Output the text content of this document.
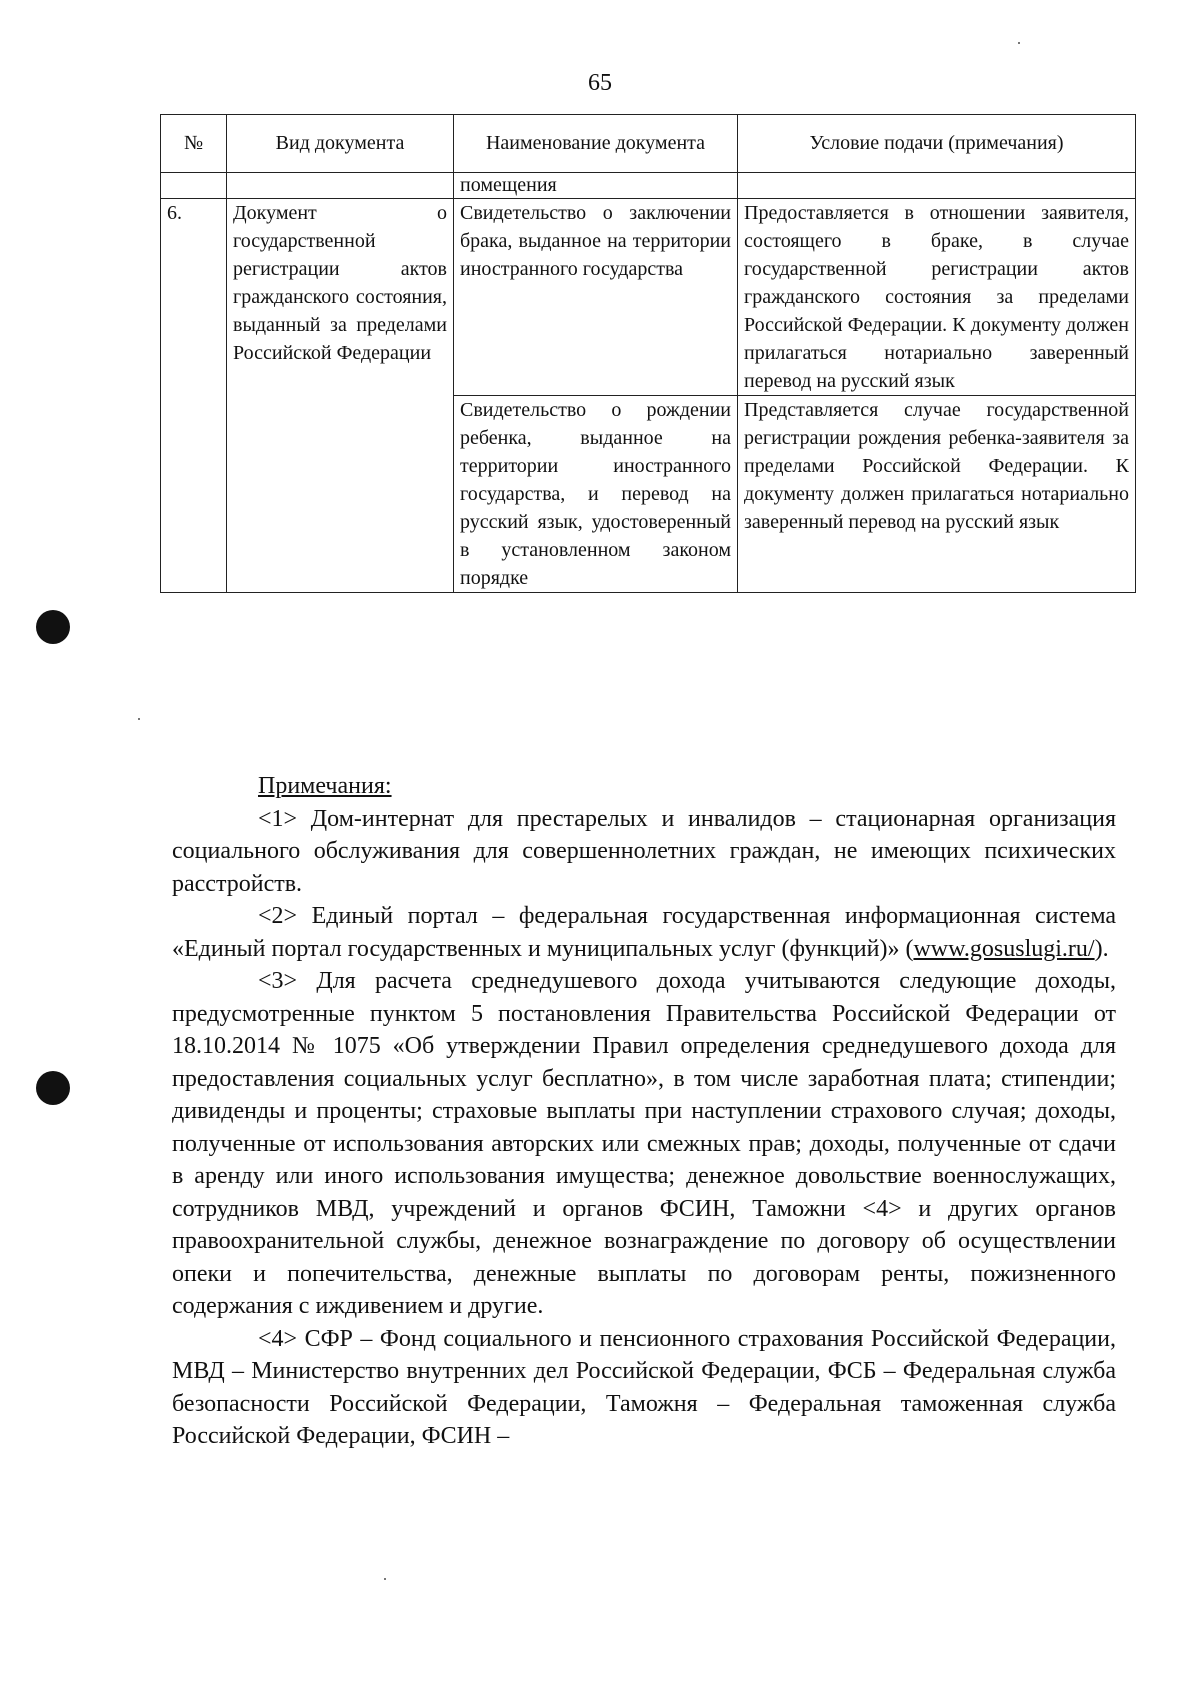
65
№	Вид документа	Наименование документа	Условие подачи (примечания)
		помещения	
6.	Документ о государственной регистрации актов гражданского состояния, выданный за пределами Российской Федерации	Свидетельство о заключении брака, выданное на территории иностранного государства	Предоставляется в отношении заявителя, состоящего в браке, в случае государственной регистрации актов гражданского состояния за пределами Российской Федерации. К документу должен прилагаться нотариально заверенный перевод на русский язык
		Свидетельство о рождении ребенка, выданное на территории иностранного государства, и перевод на русский язык, удостоверенный в установленном законом порядке	Представляется случае государственной регистрации рождения ребенка-заявителя за пределами Российской Федерации. К документу должен прилагаться нотариально заверенный перевод на русский язык

Примечания:

<1> Дом-интернат для престарелых и инвалидов – стационарная организация социального обслуживания для совершеннолетних граждан, не имеющих психических расстройств.

<2> Единый портал – федеральная государственная информационная система «Единый портал государственных и муниципальных услуг (функций)» (www.gosuslugi.ru/).

<3> Для расчета среднедушевого дохода учитываются следующие доходы, предусмотренные пунктом 5 постановления Правительства Российской Федерации от 18.10.2014 № 1075 «Об утверждении Правил определения среднедушевого дохода для предоставления социальных услуг бесплатно», в том числе заработная плата; стипендии; дивиденды и проценты; страховые выплаты при наступлении страхового случая; доходы, полученные от использования авторских или смежных прав; доходы, полученные от сдачи в аренду или иного использования имущества; денежное довольствие военнослужащих, сотрудников МВД, учреждений и органов ФСИН, Таможни <4> и других органов правоохранительной службы, денежное вознаграждение по договору об осуществлении опеки и попечительства, денежные выплаты по договорам ренты, пожизненного содержания с иждивением и другие.

<4> СФР – Фонд социального и пенсионного страхования Российской Федерации, МВД – Министерство внутренних дел Российской Федерации, ФСБ – Федеральная служба безопасности Российской Федерации, Таможня – Федеральная таможенная служба Российской Федерации, ФСИН –
